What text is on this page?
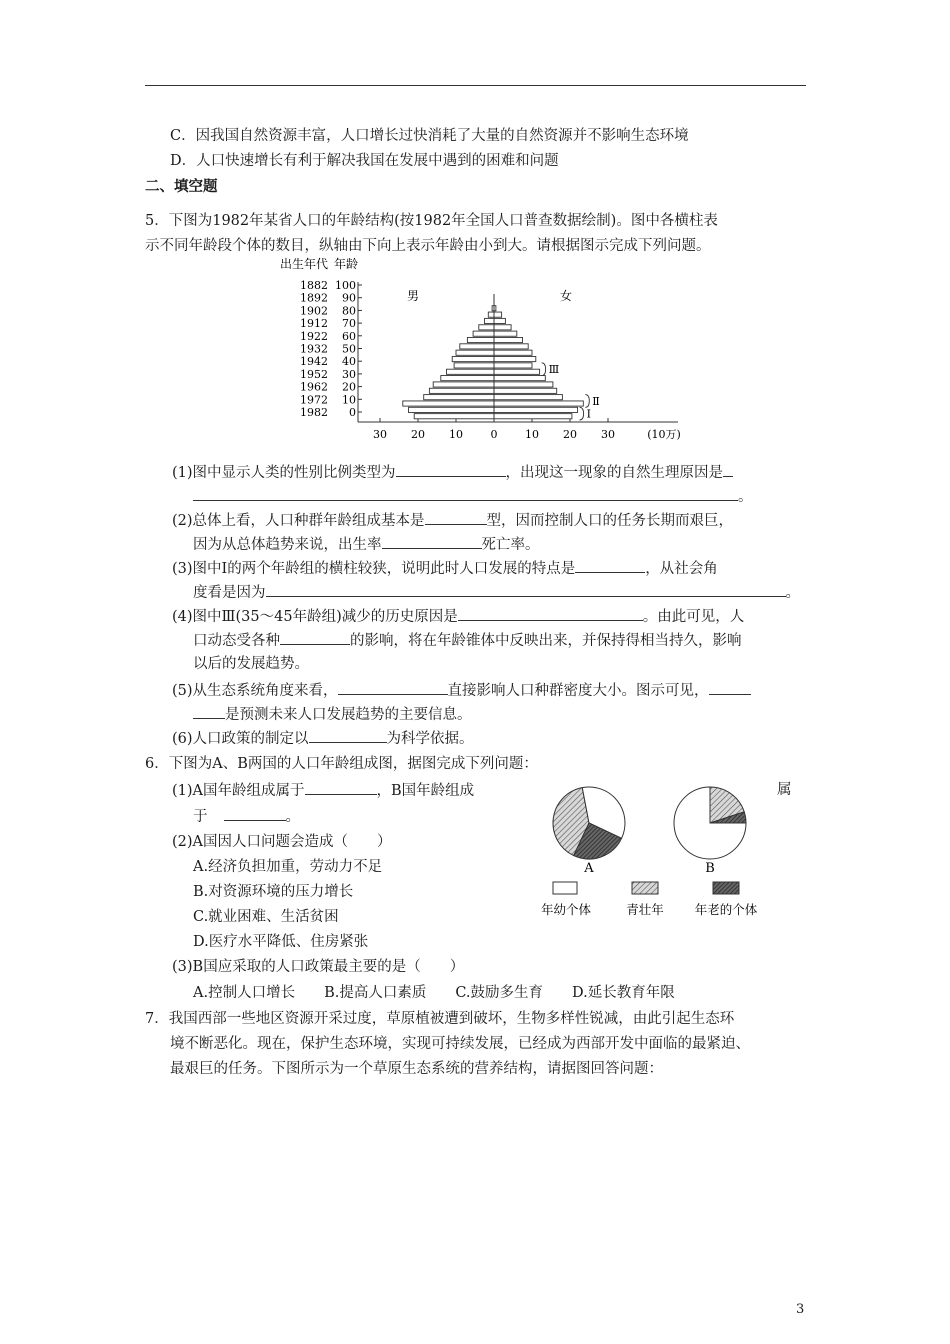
C．因我国自然资源丰富，人口增长过快消耗了大量的自然资源并不影响生态环境
D．人口快速增长有利于解决我国在发展中遇到的困难和问题
二、填空题
5．下图为1982年某省人口的年龄结构(按1982年全国人口普查数据绘制)。图中各横柱表
示不同年龄段个体的数目，纵轴由下向上表示年龄由小到大。请根据图示完成下列问题。
出生年代 年龄
男	女
0
10
20
30
40
50
60
70
80
90
100
1982
1972
1962
1952
1942
1932
1922
1912
1902
1892
1882
30 20 10	0	10 20 30	(10万)
Ⅰ
Ⅱ
Ⅲ
(1)图中显示人类的性别比例类型为	，出现这一现象的自然生理原因是
。
(2)总体上看，人口种群年龄组成基本是	型，因而控制人口的任务长期而艰巨，
因为从总体趋势来说，出生率	死亡率。
(3)图中Ⅰ的两个年龄组的横柱较狭，说明此时人口发展的特点是	，从社会角
度看是因为	。
(4)图中Ⅲ(35～45年龄组)减少的历史原因是	。由此可见，人
口动态受各种	的影响，将在年龄锥体中反映出来，并保持得相当持久，影响
以后的发展趋势。
(5)从生态系统角度来看，	直接影响人口种群密度大小。图示可见，
是预测未来人口发展趋势的主要信息。
(6)人口政策的制定以	为科学依据。
6．下图为A、B两国的人口年龄组成图，据图完成下列问题：
(1)A国年龄组成属于	，B国年龄组成	属
于	。
(2)A国因人口问题会造成（　　）
A.经济负担加重，劳动力不足
B.对资源环境的压力增长
C.就业困难、生活贫困
D.医疗水平降低、住房紧张
(3)B国应采取的人口政策最主要的是（　　）
A.控制人口增长　　B.提高人口素质　　C.鼓励多生育　　D.延长教育年限
A	B
年幼个体	青壮年 年老的个体
7．我国西部一些地区资源开采过度，草原植被遭到破坏，生物多样性锐减，由此引起生态环
境不断恶化。现在，保护生态环境，实现可持续发展，已经成为西部开发中面临的最紧迫、
最艰巨的任务。下图所示为一个草原生态系统的营养结构，请据图回答问题：
3
